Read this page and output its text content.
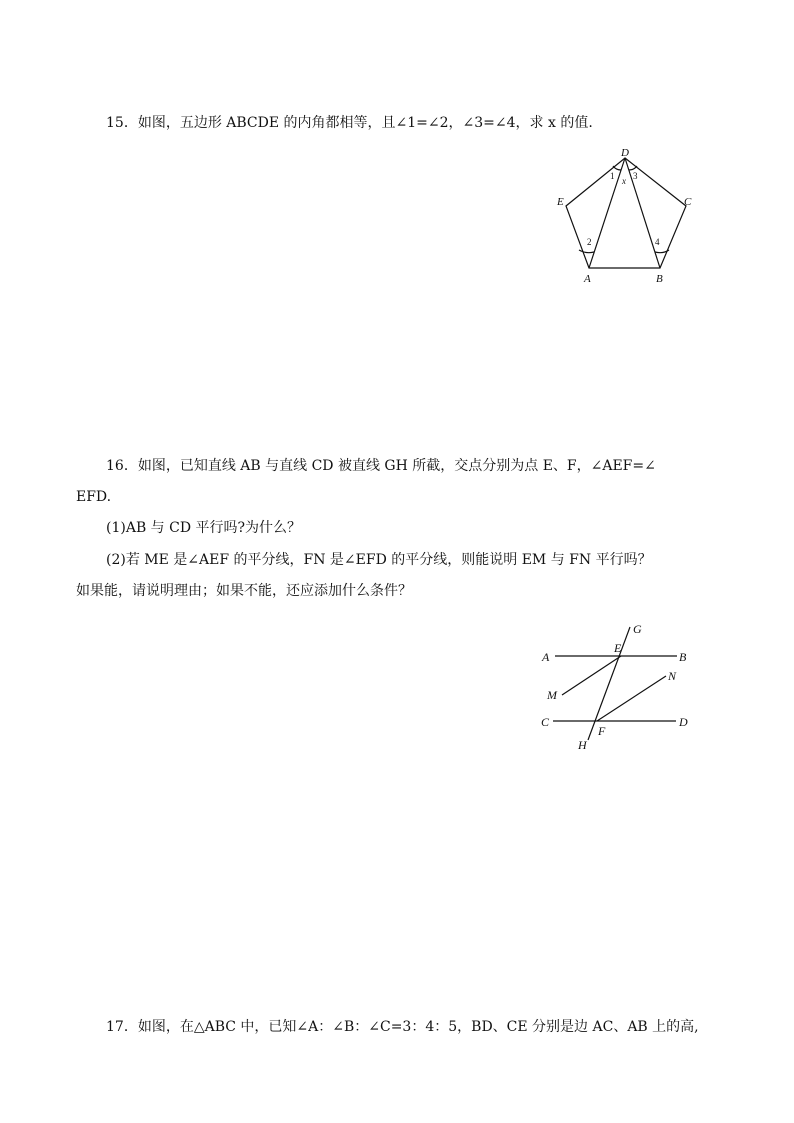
15．如图，五边形 ABCDE 的内角都相等，且∠1=∠2，∠3=∠4，求 x 的值.
D
C
E
A	B
1 3
x
2	4
16．如图，已知直线 AB 与直线 CD 被直线 GH 所截，交点分别为点 E、F，∠AEF=∠
EFD.
(1)AB 与 CD 平行吗?为什么？
(2)若 ME 是∠AEF 的平分线，FN 是∠EFD 的平分线，则能说明 EM 与 FN 平行吗？
如果能，请说明理由；如果不能，还应添加什么条件？
A	B
E
G
M
N
C	D
F
H
17．如图，在△ABC 中，已知∠A：∠B：∠C=3：4：5，BD、CE 分别是边 AC、AB 上的高,
